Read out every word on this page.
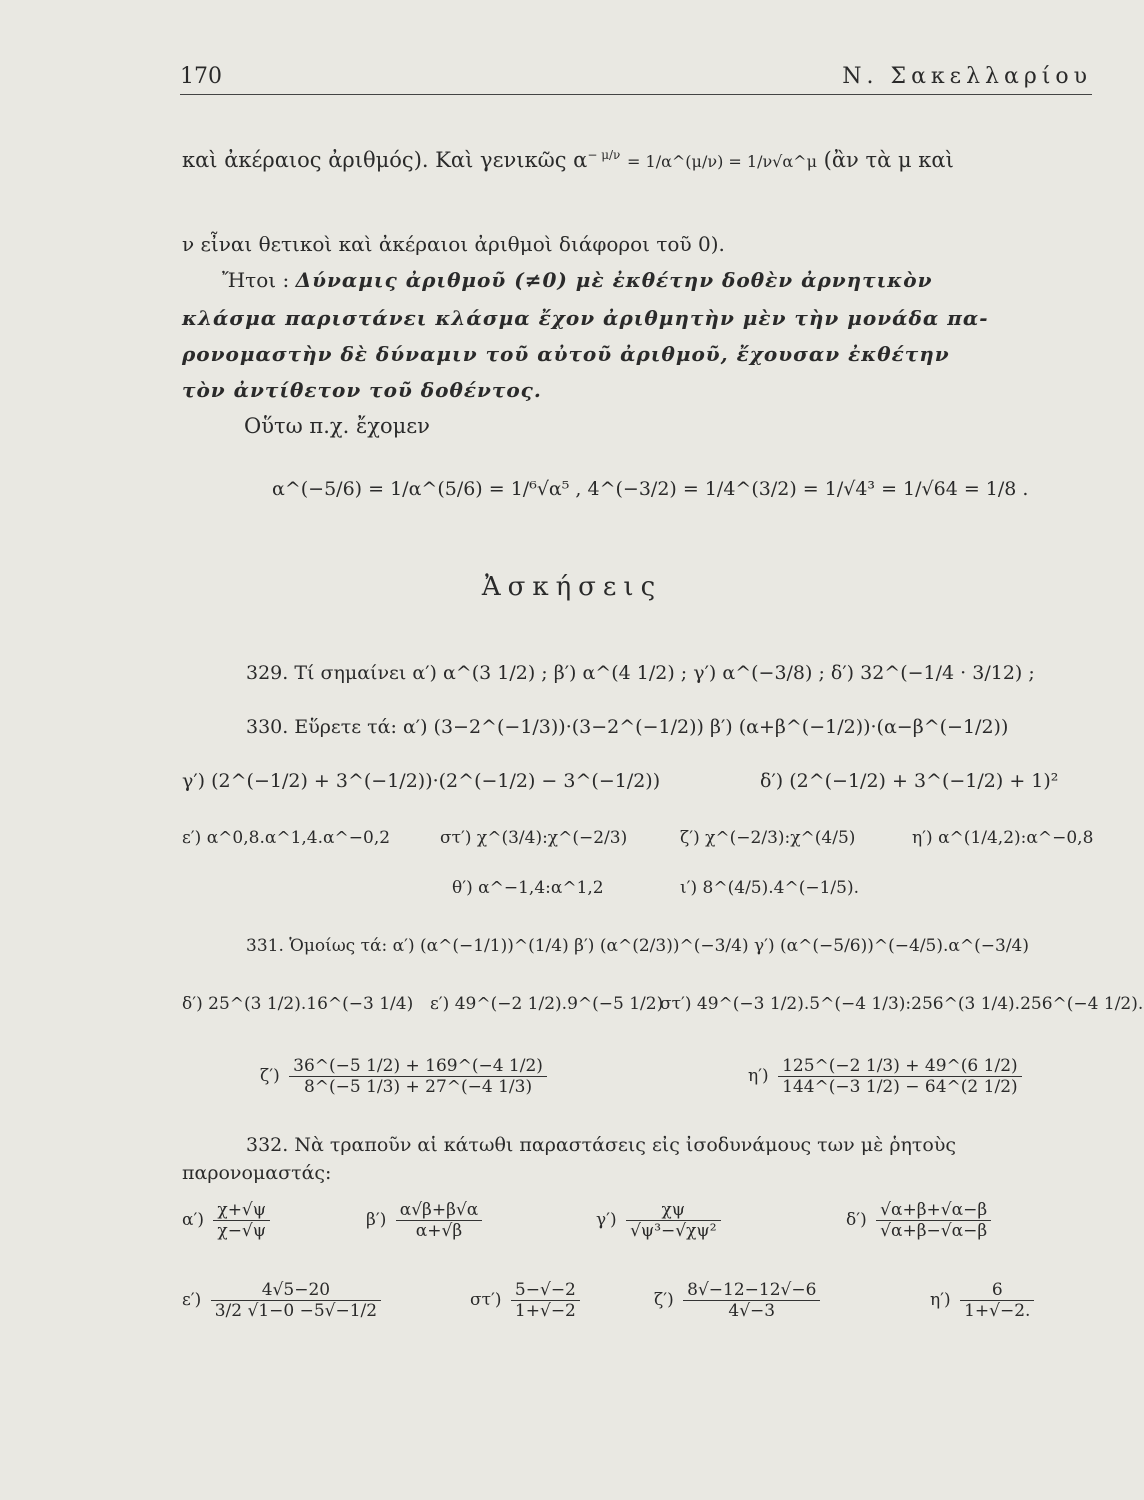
170	Ν. Σακελλαρίου
καὶ ἀκέραιος ἀριθμός). Καὶ γενικῶς $\alpha^{- \mu/\nu}$ = 1/α^(μ/ν) = 1/ν√α^μ (ἂν τὰ μ καὶ
ν εἶναι θετικοὶ καὶ ἀκέραιοι ἀριθμοὶ διάφοροι τοῦ 0).
Ἤτοι : Δύναμις ἀριθμοῦ (≠0) μὲ ἐκθέτην δοθὲν ἀρνητικὸν
κλάσμα παριστάνει κλάσμα ἔχον ἀριθμητὴν μὲν τὴν μονάδα πα-
ρονομαστὴν δὲ δύναμιν τοῦ αὐτοῦ ἀριθμοῦ, ἔχουσαν ἐκθέτην
τὸν ἀντίθετον τοῦ δοθέντος.
Οὕτω π.χ. ἔχομεν
α^(−5/6) = 1/α^(5/6) = 1/⁶√α⁵ , 4^(−3/2) = 1/4^(3/2) = 1/√4³ = 1/√64 = 1/8 .
Ἀσκήσεις
329. Τί σημαίνει α′) α^(3 1/2) ; β′) α^(4 1/2) ; γ′) α^(−3/8) ; δ′) 32^(−1/4 · 3/12) ;
330. Εὕρετε τά: α′) (3−2^(−1/3))·(3−2^(−1/2)) β′) (α+β^(−1/2))·(α−β^(−1/2))
γ′) (2^(−1/2) + 3^(−1/2))·(2^(−1/2) − 3^(−1/2))	δ′) (2^(−1/2) + 3^(−1/2) + 1)²
ε′) α^0,8.α^1,4.α^−0,2	στ′) χ^(3/4):χ^(−2/3)	ζ′) χ^(−2/3):χ^(4/5)	η′) α^(1/4,2):α^−0,8
θ′) α^−1,4:α^1,2	ι′) 8^(4/5).4^(−1/5).
331. Ὁμοίως τά: α′) (α^(−1/1))^(1/4) β′) (α^(2/3))^(−3/4) γ′) (α^(−5/6))^(−4/5).α^(−3/4)
δ′) 25^(3 1/2).16^(−3 1/4) ε′) 49^(−2 1/2).9^(−5 1/2)
στ′) 49^(−3 1/2).5^(−4 1/3):256^(3 1/4).256^(−4 1/2).
$\zeta') \frac{36\^{}(-5 1/2) + 169\^{}(-4 1/2)}{8\^{}(-5 1/3) + 27\^{}(-4 1/3)}$	$\eta') \frac{125\^{}(-2 1/3) + 49\^{}(6 1/2)}{144\^{}(-3 1/2) - 64\^{}(2 1/2)}$
332. Νὰ τραποῦν αἱ κάτωθι παραστάσεις εἰς ἰσοδυνάμους των μὲ ῥητοὺς
παρονομαστάς:
$\alpha') \frac{\chi+√\psi}{\chi-√\psi}$	$\beta') \frac{\alpha√\beta+\beta√\alpha}{\alpha+√\beta}$	$\gamma') \frac{\chi\psi}{\text{√ψ³−√χψ²}}$	$\delta') \frac{√\alpha+\beta+√\alpha-\beta}{√\alpha+\beta-√\alpha-\beta}$
$\varepsilon') \frac{4√5-20}{3/2 √1-0 -5√-1/2}$	$\sigma\tau') \frac{5-√-2}{1+√-2}$	$\zeta') \frac{8√-12-12√-6}{4√-3}$	$\eta') \frac{6}{1+√-2.}$
